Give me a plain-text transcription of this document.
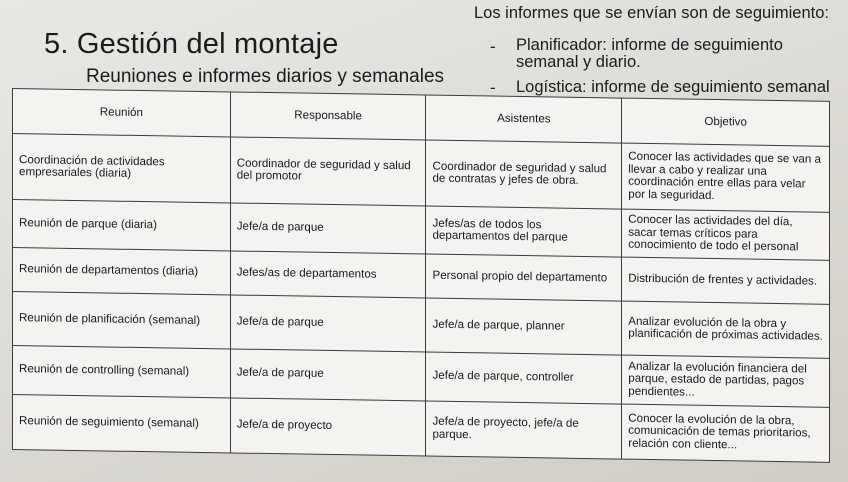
Los informes que se envían son de seguimiento:
5. Gestión del montaje
Reuniones e informes diarios y semanales
- Planificador: informe de seguimiento semanal y diario.
- Logística: informe de seguimiento semanal
Reunión	Responsable	Asistentes	Objetivo
Coordinación de actividades empresariales (diaria)	Coordinador de seguridad y salud del promotor	Coordinador de seguridad y salud de contratas y jefes de obra.	Conocer las actividades que se van a llevar a cabo y realizar una coordinación entre ellas para velar por la seguridad.
Reunión de parque (diaria)	Jefe/a de parque	Jefes/as de todos los departamentos del parque	Conocer las actividades del día, sacar temas críticos para conocimiento de todo el personal
Reunión de departamentos (diaria)	Jefes/as de departamentos	Personal propio del departamento	Distribución de frentes y actividades.
Reunión de planificación (semanal)	Jefe/a de parque	Jefe/a de parque, planner	Analizar evolución de la obra y planificación de próximas actividades.
Reunión de controlling (semanal)	Jefe/a de parque	Jefe/a de parque, controller	Analizar la evolución financiera del parque, estado de partidas, pagos pendientes...
Reunión de seguimiento (semanal)	Jefe/a de proyecto	Jefe/a de proyecto, jefe/a de parque.	Conocer la evolución de la obra, comunicación de temas prioritarios, relación con cliente...
